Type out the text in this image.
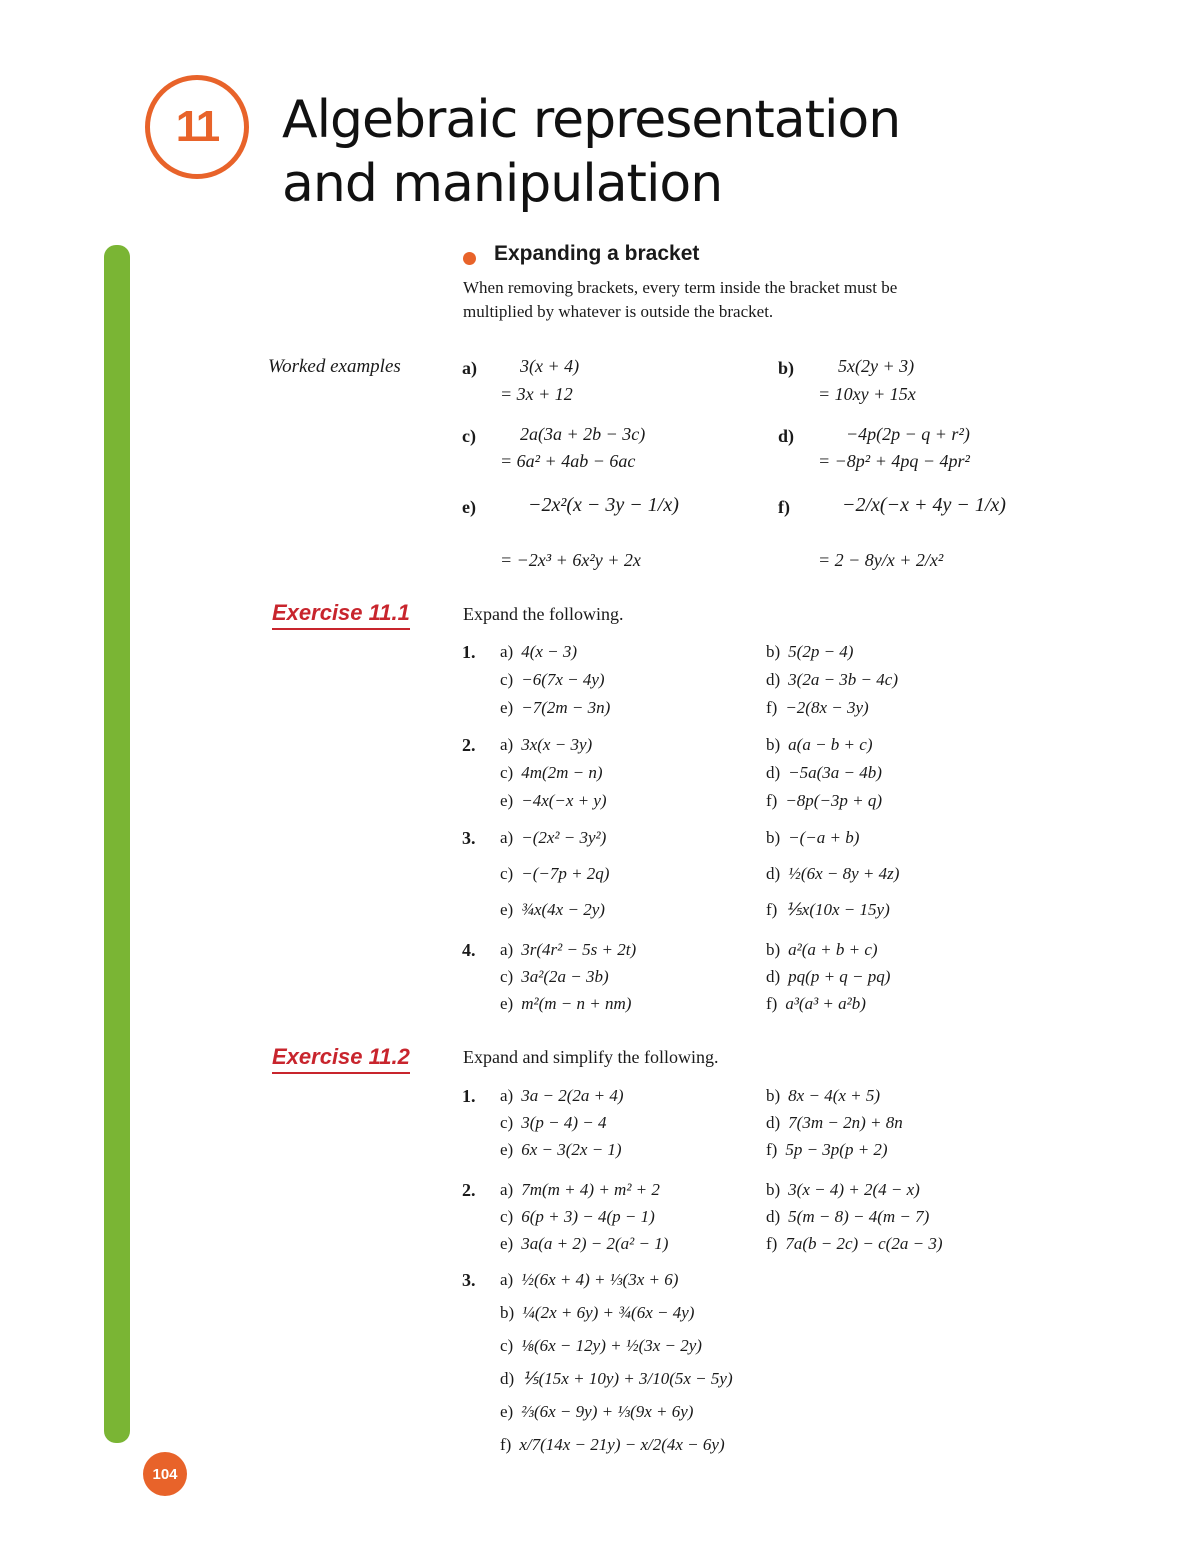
11 Algebraic representation
and manipulation
104
Expanding a bracket
When removing brackets, every term inside the bracket must be
multiplied by whatever is outside the bracket.
Worked examples	a) 3(x + 4)
= 3x + 12
b) 5x(2y + 3)
= 10xy + 15x
c) 2a(3a + 2b − 3c)
= 6a² + 4ab − 6ac
d)	−4p(2p − q + r²)
= −8p² + 4pq − 4pr²
e)	−2x²(x − 3y − 1/x)
= −2x³ + 6x²y + 2x
f)	−2/x(−x + 4y − 1/x)
= 2 − 8y/x + 2/x²
Exercise 11.1	Expand the following.
1. a) 4(x − 3)	b) 5(2p − 4)
c) −6(7x − 4y)	d) 3(2a − 3b − 4c)
e) −7(2m − 3n)	f) −2(8x − 3y)
2. a) 3x(x − 3y)	b) a(a − b + c)
c) 4m(2m − n)	d) −5a(3a − 4b)
e) −4x(−x + y)	f) −8p(−3p + q)
3. a) −(2x² − 3y²)	b) −(−a + b)
c) −(−7p + 2q)	d) ½(6x − 8y + 4z)
e) ¾x(4x − 2y)	f) ⅕x(10x − 15y)
4. a) 3r(4r² − 5s + 2t)	b) a²(a + b + c)
c) 3a²(2a − 3b)	d) pq(p + q − pq)
e) m²(m − n + nm)	f) a³(a³ + a²b)
Exercise 11.2	Expand and simplify the following.
1. a) 3a − 2(2a + 4)	b) 8x − 4(x + 5)
c) 3(p − 4) − 4	d) 7(3m − 2n) + 8n
e) 6x − 3(2x − 1)	f) 5p − 3p(p + 2)
2. a) 7m(m + 4) + m² + 2	b) 3(x − 4) + 2(4 − x)
c) 6(p + 3) − 4(p − 1)	d) 5(m − 8) − 4(m − 7)
e) 3a(a + 2) − 2(a² − 1)	f) 7a(b − 2c) − c(2a − 3)
3. a) ½(6x + 4) + ⅓(3x + 6)
b) ¼(2x + 6y) + ¾(6x − 4y)
c) ⅛(6x − 12y) + ½(3x − 2y)
d) ⅕(15x + 10y) + 3/10(5x − 5y)
e) ⅔(6x − 9y) + ⅓(9x + 6y)
f) x/7(14x − 21y) − x/2(4x − 6y)
